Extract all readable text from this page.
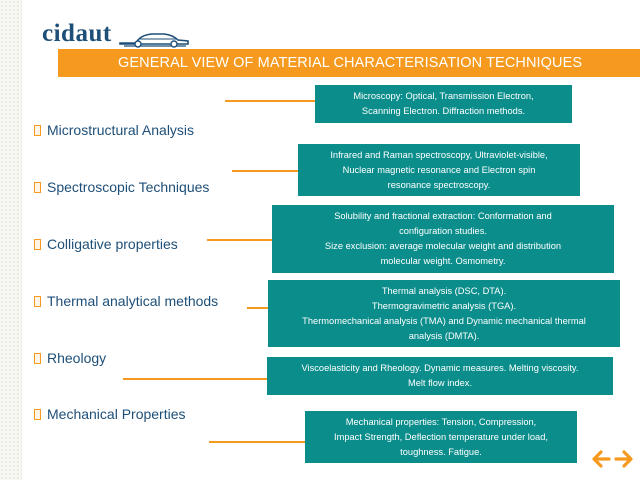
cidaut
GENERAL VIEW OF MATERIAL CHARACTERISATION TECHNIQUES
Microstructural Analysis
Spectroscopic Techniques
Colligative properties
Thermal analytical methods
Rheology
Mechanical Properties
Microscopy: Optical, Transmission Electron,
Scanning Electron. Diffraction methods.
Infrared and Raman spectroscopy, Ultraviolet-visible,
Nuclear magnetic resonance and Electron spin
resonance spectroscopy.
Solubility and fractional extraction: Conformation and
configuration studies.
Size exclusion: average molecular weight and distribution
molecular weight. Osmometry.
Thermal analysis (DSC, DTA).
Thermogravimetric analysis (TGA).
Thermomechanical analysis (TMA) and Dynamic mechanical thermal
analysis (DMTA).
Viscoelasticity and Rheology. Dynamic measures. Melting viscosity.
Melt flow index.
Mechanical properties: Tension, Compression,
Impact Strength, Deflection temperature under load,
toughness. Fatigue.
